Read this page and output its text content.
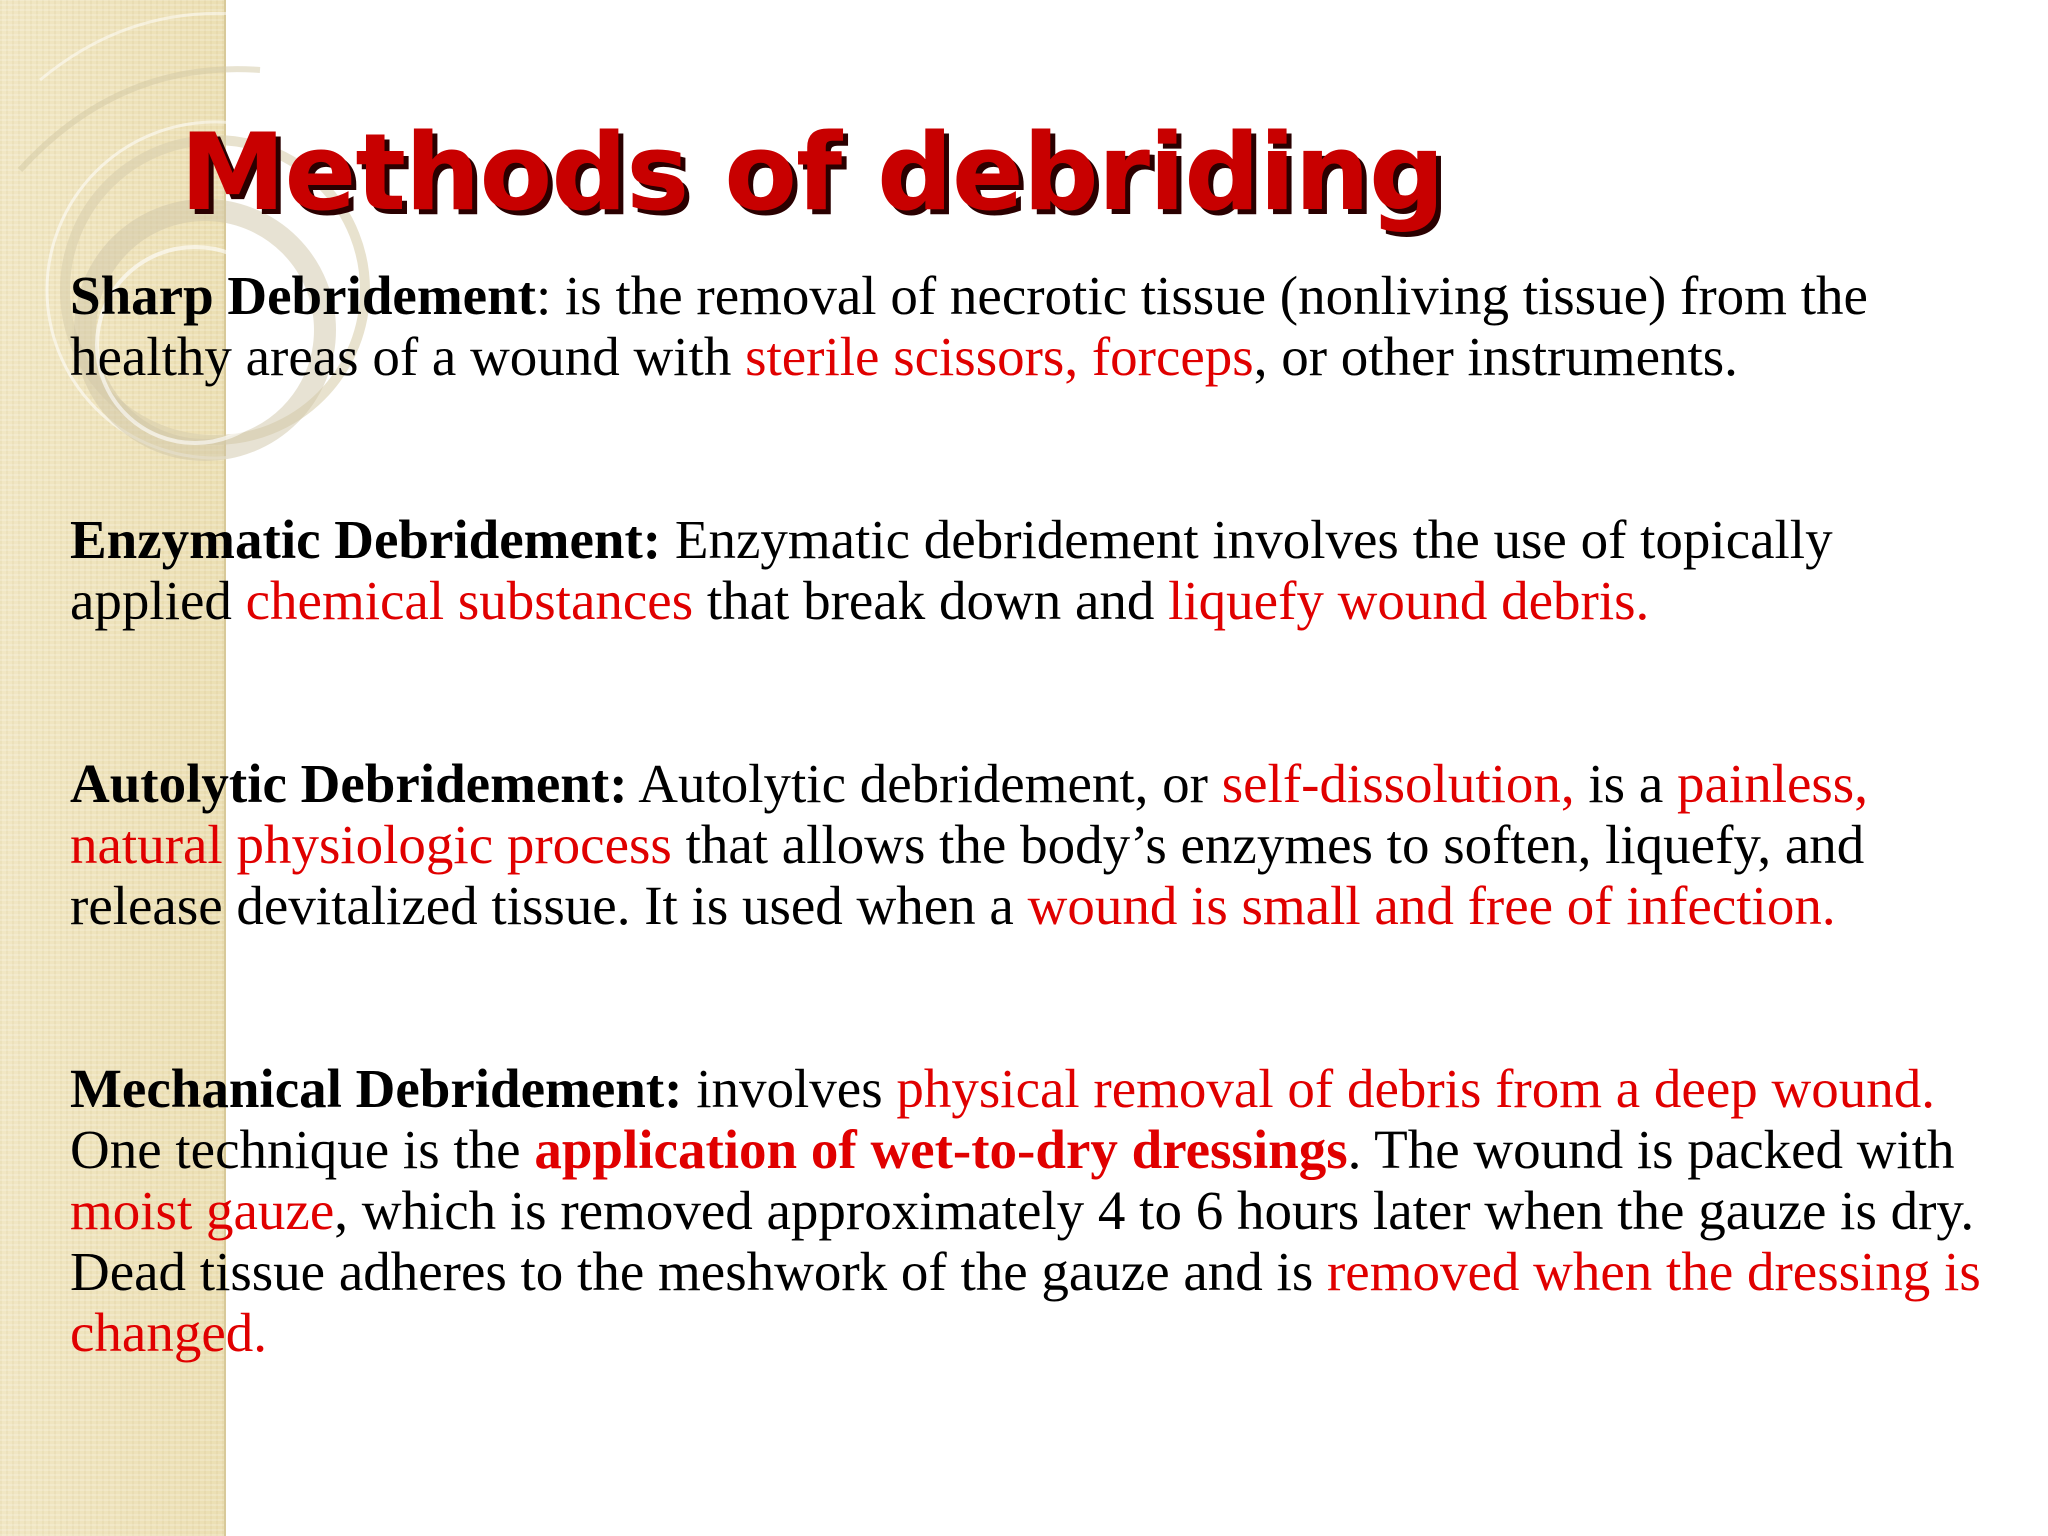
Methods of debriding

Sharp Debridement: is the removal of necrotic tissue (nonliving tissue) from the healthy areas of a wound with sterile scissors, forceps, or other instruments.

Enzymatic Debridement: Enzymatic debridement involves the use of topically applied chemical substances that break down and liquefy wound debris.

Autolytic Debridement: Autolytic debridement, or self-dissolution, is a painless, natural physiologic process that allows the body’s enzymes to soften, liquefy, and release devitalized tissue. It is used when a wound is small and free of infection.

Mechanical Debridement: involves physical removal of debris from a deep wound. One technique is the application of wet-to-dry dressings. The wound is packed with moist gauze, which is removed approximately 4 to 6 hours later when the gauze is dry. Dead tissue adheres to the meshwork of the gauze and is removed when the dressing is changed.
